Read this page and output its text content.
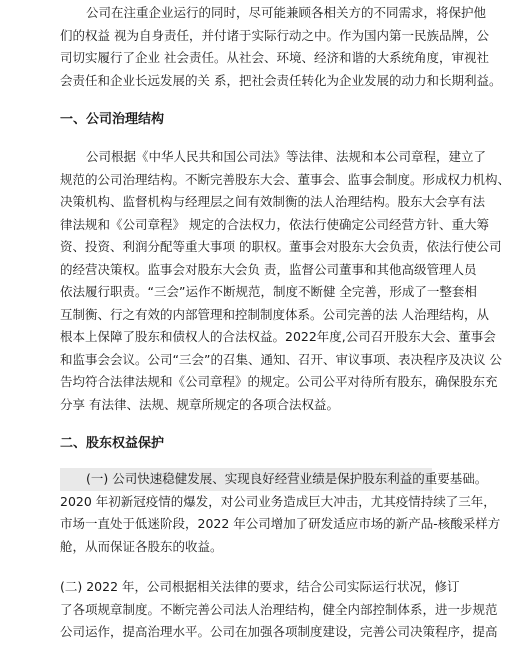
公司在注重企业运行的同时，尽可能兼顾各相关方的不同需求，将保护他
们的权益 视为自身责任，并付诸于实际行动之中。作为国内第一民族品牌，公
司切实履行了企业 社会责任。从社会、环境、经济和谐的大系统角度，审视社
会责任和企业长远发展的关 系，把社会责任转化为企业发展的动力和长期利益。
一、公司治理结构
公司根据《中华人民共和国公司法》等法律、法规和本公司章程，建立了
规范的公司治理结构。不断完善股东大会、董事会、监事会制度。形成权力机构、
决策机构、监督机构与经理层之间有效制衡的法人治理结构。股东大会享有法
律法规和《公司章程》 规定的合法权力，依法行使确定公司经营方针、重大筹
资、投资、利润分配等重大事项 的职权。董事会对股东大会负责，依法行使公司
的经营决策权。监事会对股东大会负 责，监督公司董事和其他高级管理人员
依法履行职责。“三会”运作不断规范，制度不断健 全完善，形成了一整套相
互制衡、行之有效的内部管理和控制制度体系。公司完善的法 人治理结构，从
根本上保障了股东和债权人的合法权益。2022年度,公司召开股东大会、董事会
和监事会会议。公司“三会”的召集、通知、召开、审议事项、表决程序及决议 公
告均符合法律法规和《公司章程》的规定。公司公平对待所有股东，确保股东充
分享 有法律、法规、规章所规定的各项合法权益。
二、股东权益保护
(一) 公司快速稳健发展、实现良好经营业绩是保护股东利益的重要基础。
2020 年初新冠疫情的爆发，对公司业务造成巨大冲击，尤其疫情持续了三年，
市场一直处于低迷阶段，2022 年公司增加了研发适应市场的新产品-核酸采样方
舱，从而保证各股东的收益。
(二) 2022 年，公司根据相关法律的要求，结合公司实际运行状况，修订
了各项规章制度。不断完善公司法人治理结构，健全内部控制体系，进一步规范
公司运作，提高治理水平。公司在加强各项制度建设，完善公司决策程序，提高
